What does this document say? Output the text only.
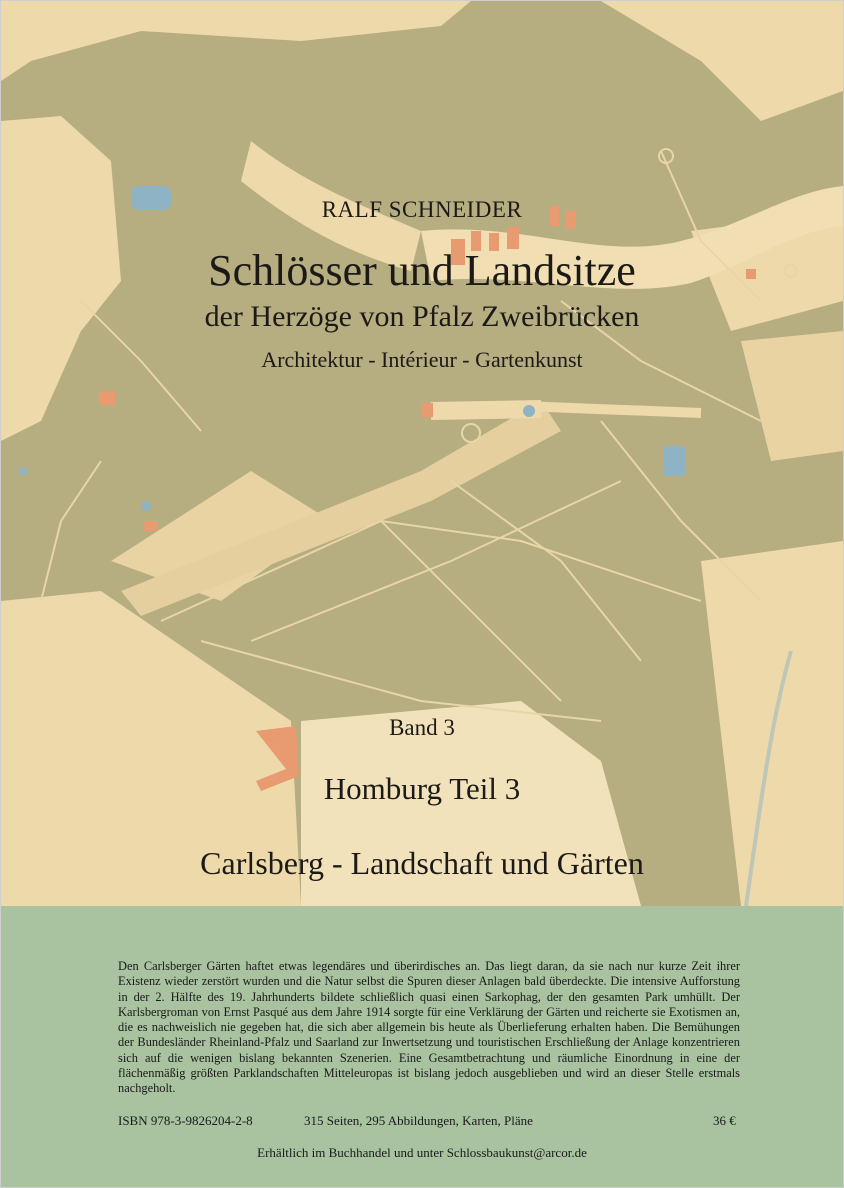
RALF SCHNEIDER
Schlösser und Landsitze
der Herzöge von Pfalz Zweibrücken
Architektur - Intérieur - Gartenkunst
Band 3
Homburg Teil 3
Carlsberg - Landschaft und Gärten
Den Carlsberger Gärten haftet etwas legendäres und überirdisches an. Das liegt daran, da sie nach nur kurze Zeit ihrer Existenz wieder zerstört wurden und die Natur selbst die Spuren dieser Anlagen bald überdeckte. Die intensive Aufforstung in der 2. Hälfte des 19. Jahrhunderts bildete schließlich quasi einen Sarkophag, der den gesamten Park umhüllt. Der Karlsbergroman von Ernst Pasqué aus dem Jahre 1914 sorgte für eine Verklärung der Gärten und reicherte sie Exotismen an, die es nachweislich nie gegeben hat, die sich aber allgemein bis heute als Überlieferung erhalten haben. Die Bemühungen der Bundesländer Rheinland-Pfalz und Saarland zur Inwertsetzung und touristischen Erschließung der Anlage konzentrieren sich auf die wenigen bislang bekannten Szenerien. Eine Gesamtbetrachtung und räumliche Einordnung in eine der flächenmäßig größten Parklandschaften Mitteleuropas ist bislang jedoch ausgeblieben und wird an dieser Stelle erstmals nachgeholt.
ISBN 978-3-9826204-2-8	315 Seiten, 295 Abbildungen, Karten, Pläne	36 €
Erhältlich im Buchhandel und unter Schlossbaukunst@arcor.de
